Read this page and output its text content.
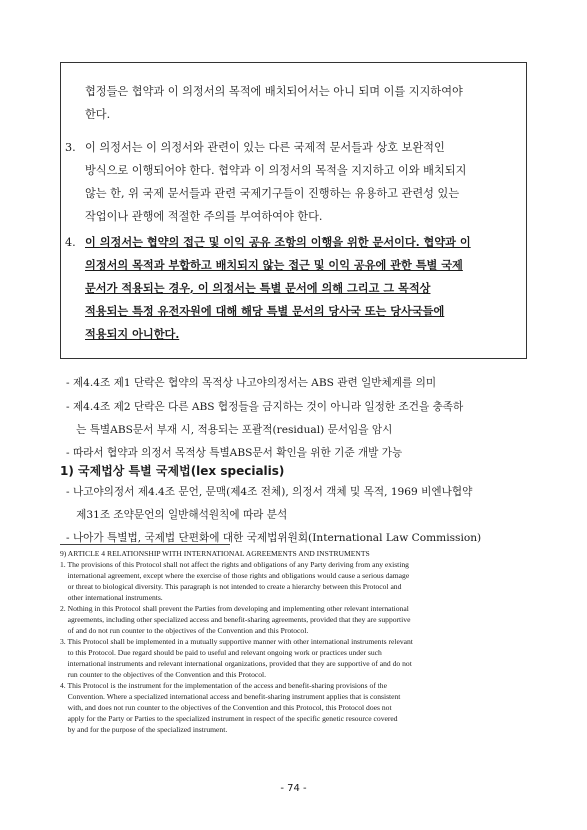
협정들은 협약과 이 의정서의 목적에 배치되어서는 아니 되며 이를 지지하여야
한다.
3. 이 의정서는 이 의정서와 관련이 있는 다른 국제적 문서들과 상호 보완적인
방식으로 이행되어야 한다. 협약과 이 의정서의 목적을 지지하고 이와 배치되지
않는 한, 위 국제 문서들과 관련 국제기구들이 진행하는 유용하고 관련성 있는
작업이나 관행에 적절한 주의를 부여하여야 한다.
4. 이 의정서는 협약의 접근 및 이익 공유 조항의 이행을 위한 문서이다. 협약과 이
의정서의 목적과 부합하고 배치되지 않는 접근 및 이익 공유에 관한 특별 국제
문서가 적용되는 경우, 이 의정서는 특별 문서에 의해 그리고 그 목적상
적용되는 특정 유전자원에 대해 해당 특별 문서의 당사국 또는 당사국들에
적용되지 아니한다.
- 제4.4조 제1 단락은 협약의 목적상 나고야의정서는 ABS 관련 일반체계를 의미
- 제4.4조 제2 단락은 다른 ABS 협정들을 금지하는 것이 아니라 일정한 조건을 충족하
는 특별ABS문서 부재 시, 적용되는 포괄적(residual) 문서임을 암시
- 따라서 협약과 의정서 목적상 특별ABS문서 확인을 위한 기준 개발 가능
1) 국제법상 특별 국제법(lex specialis)
- 나고야의정서 제4.4조 문언, 문맥(제4조 전체), 의정서 객체 및 목적, 1969 비엔나협약
제31조 조약문언의 일반해석원칙에 따라 분석
- 나아가 특별법, 국제법 단편화에 대한 국제법위원회(International Law Commission)
9) ARTICLE 4 RELATIONSHIP WITH INTERNATIONAL AGREEMENTS AND INSTRUMENTS
1. The provisions of this Protocol shall not affect the rights and obligations of any Party deriving from any existing
international agreement, except where the exercise of those rights and obligations would cause a serious damage
or threat to biological diversity. This paragraph is not intended to create a hierarchy between this Protocol and
other international instruments.
2. Nothing in this Protocol shall prevent the Parties from developing and implementing other relevant international
agreements, including other specialized access and benefit-sharing agreements, provided that they are supportive
of and do not run counter to the objectives of the Convention and this Protocol.
3. This Protocol shall be implemented in a mutually supportive manner with other international instruments relevant
to this Protocol. Due regard should be paid to useful and relevant ongoing work or practices under such
international instruments and relevant international organizations, provided that they are supportive of and do not
run counter to the objectives of the Convention and this Protocol.
4. This Protocol is the instrument for the implementation of the access and benefit-sharing provisions of the
Convention. Where a specialized international access and benefit-sharing instrument applies that is consistent
with, and does not run counter to the objectives of the Convention and this Protocol, this Protocol does not
apply for the Party or Parties to the specialized instrument in respect of the specific genetic resource covered
by and for the purpose of the specialized instrument.
- 74 -
